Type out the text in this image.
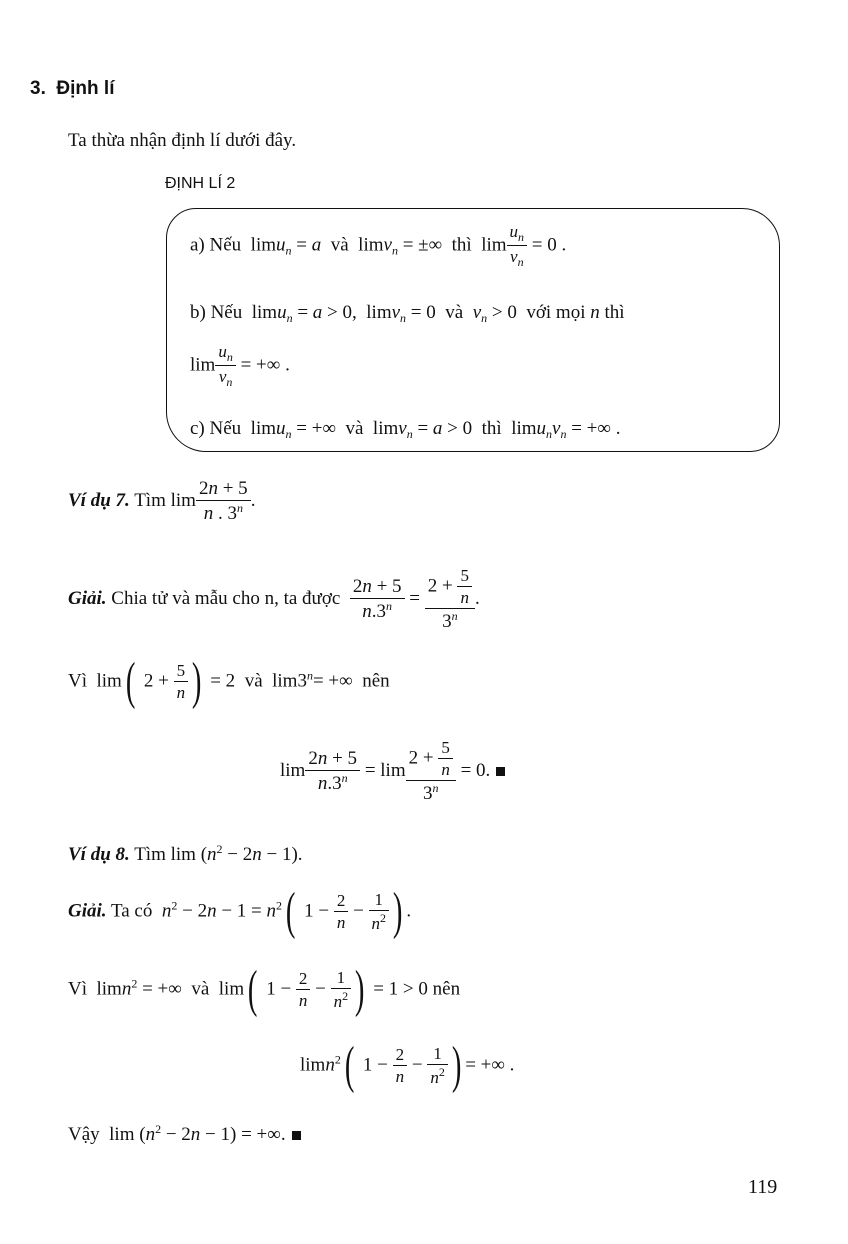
3. Định lí
Ta thừa nhận định lí dưới đây.
ĐỊNH LÍ 2
a) Nếu  limu$_n$ = a  và  limv$_n$ = ±∞  thì  $\lim \frac{u_n}{v_n} = 0$ .
b) Nếu  limu$_n$ = a > 0,  limv$_n$ = 0  và  $v_n > 0$  với mọi n thì
$\lim \frac{u_n}{v_n}$ = +∞ .
c) Nếu  limu$_n$ = +∞  và  limv$_n$ = a > 0  thì  $\lim u_nv_n$ = +∞ .
Ví dụ 7. Tìm $\lim \frac{2n + 5}{n . 3^n}$ .
Giải. Chia tử và mẫu cho n, ta được $\frac{2n + 5}{n.3^n} = \frac{2 + \frac{5}{n}}{3^n}$ .
Vì  lim( $2 + \frac{5}{n}$ ) = 2  và  $\lim 3^n=$ +∞  nên
$\lim \frac{2n + 5}{n.3^n} = \lim \frac{2 + \frac{5}{n}}{3^n} = 0$.
Ví dụ 8. Tìm $\lim (n^2 - 2n - 1)$.
Giải. Ta có $n^2 - 2n - 1 = n^2$( $1 - \frac{2}{n} - \frac{1}{n^2}$ ) .
Vì  limn$^2$ = +∞  và  lim( $1 - \frac{2}{n} - \frac{1}{n^2}$ ) = 1 > 0 nên
limn$^2$( $1 - \frac{2}{n} - \frac{1}{n^2}$ ) = +∞ .
Vậy  $\lim (n^2 - 2n - 1)$ = +∞.
119
